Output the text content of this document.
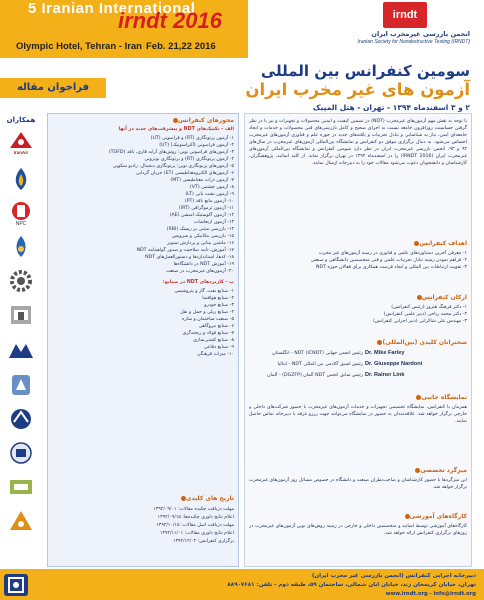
5 Iranian International
irndt 2016
Olympic Hotel, Tehran - Iran Feb. 21,22 2016
irndt
انجمن بازرسی غیرمخرب ایران
Iranian Society for Nondestructive Testing (IRNDT)
سومین کنفرانس بین المللی
آزمون های غیر مخرب ایران
۲ و ۳ اسفندماه ۱۳۹۴ - تهران - هتل المپیک
فراخوان مقاله
همکاران
IranAir
NPC
محورهای کنفرانس
الف - تکنیک‌های NDT و پیشرفت‌های جدید در آنها
۱- آزمون پرتونگاری (RT) و فراصوتی (UT)
۲- آزمون فراصوتی (آلتراسونیک) (UT)
۳- آزمون‌های فراصوتی نوین: روش‌های آرایه فازی، تافد (TOFD)
۴- آزمون پرتونگاری (RT) و پرتونگاری نوترونی
۵- آزمون‌های پرتونگاری نوین: پرتونگاری دیجیتال، رادیو سکوپی
۶- آزمون‌های الکترومغناطیسی (ET) جریان گردابی
۷- آزمون ذرات مغناطیسی (MT)
۸- آزمون چشمی (VT)
۹- آزمون نشت یابی (LT)
۱۰- آزمون مایع نافذ (PT)
۱۱- آزمون ترموگرافی (IRT)
۱۲- آزمون آکوستیک امیشن (AE)
۱۳- آزمون ارتعاشات
۱۴- بازرسی مبتنی بر ریسک (RBI)
۱۵- بازرسی مکانیکی و سرویس
۱۶- ماشین بینایی و پردازش تصویر
۱۷- آموزش، تأیید صلاحیت و صدور گواهینامه NDT
۱۸- کدها، استانداردها و دستورالعمل‌های NDT
۱۹- آموزش NDT در دانشگاه‌ها
۲۰- آزمون‌های غیرمخرب در صنعت
ب - کاربردهای NDT در صنایع:
۱- صنایع نفت، گاز و پتروشیمی
۲- صنایع هوافضا
۳- صنایع خودرو
۴- صنایع ریلی و حمل و نقل
۵- صنعت ساختمان و سازه
۶- صنایع نیروگاهی
۷- صنایع فولاد و ریخته‌گری
۸- صنایع کشتی‌سازی
۹- صنایع دفاعی
۱۰- میراث فرهنگی
تاریخ های کلیدی
مهلت دریافت چکیده مقالات: ۱۳۹۴/۰۹/۰۱
اعلام نتایج داوری چکیده‌ها: ۱۳۹۴/۰۹/۱۵
مهلت دریافت اصل مقالات: ۱۳۹۴/۱۰/۱۵
اعلام نتایج داوری مقالات: ۱۳۹۴/۱۱/۰۱
برگزاری کنفرانس: ۱۳۹۴/۱۲/۰۲
با توجه به نقش مهم آزمون‌های غیرمخرب (NDT) در تضمین کیفیت و ایمنی محصولات و تجهیزات و نیز با در نظر گرفتن حساسیت روزافزون جامعه نسبت به اجرای صحیح و کامل بازرسی‌های فنی محصولات و خدمات و ایجاد جامعه‌ای ایمن، نیاز به شناسایی و تبادل تجربیات و یافته‌های جدید در حوزه علم و فناوری آزمون‌های غیرمخرب احساس می‌شود. به دنبال برگزاری موفق دو کنفرانس و نمایشگاه بین‌المللی آزمون‌های غیرمخرب در سال‌های ۹۲ و ۹۳، انجمن بازرسی غیرمخرب ایران در نظر دارد سومین کنفرانس و نمایشگاه بین‌المللی آزمون‌های غیرمخرب ایران (IRNDT 2016) را در اسفندماه ۱۳۹۴ در تهران برگزار نماید. از کلیه اساتید، پژوهشگران، کارشناسان و دانشجویان دعوت می‌شود مقالات خود را به دبیرخانه ارسال نمایند.
اهداف کنفرانس
۱- معرفی آخرین دستاوردهای علمی و فناوری در زمینه آزمون‌های غیر مخرب
۲- فراهم نمودن زمینه تبادل تجربیات علمی و فنی متخصصین دانشگاهی و صنعتی
۳- تقویت ارتباطات بین المللی و ایجاد فرصت همکاری برای فعالان حوزه NDT
ارکان کنفرانس
۱- دکتر فرهنگ هنرور (رئیس کنفرانس)
۲- دکتر محمد ریاحی (دبیر علمی کنفرانس)
۳- مهندس علی شاکرانی (دبیر اجرایی کنفرانس)
سخنرانان کلیدی (بین‌المللی)
Dr. Mike Farley
رئیس انجمن جهانی NDT (ICNDT) - انگلستان
Dr. Giuseppe Nardoni
رئیس اسبق آکادمی بین المللی NDT - ایتالیا
Dr. Rainer Link
رئیس سابق انجمن NDT آلمان (DGZFP) - آلمان
نمایشگاه جانبی
همزمان با کنفرانس، نمایشگاه تخصصی تجهیزات و خدمات آزمون‌های غیرمخرب با حضور شرکت‌های داخلی و خارجی برگزار خواهد شد. علاقه‌مندان به حضور در نمایشگاه می‌توانند جهت رزرو غرفه با دبیرخانه تماس حاصل نمایند.
میزگرد تخصصی
این میزگردها با حضور کارشناسان و صاحب‌نظران صنعت و دانشگاه در خصوص مسائل روز آزمون‌های غیرمخرب برگزار خواهد شد.
کارگاه‌های آموزشی
کارگاه‌های آموزشی توسط اساتید و متخصصین داخلی و خارجی در زمینه روش‌های نوین آزمون‌های غیرمخرب در روزهای برگزاری کنفرانس ارائه خواهد شد.
دبیرخانه اجرایی کنفرانس (انجمن بازرسی غیر مخرب ایران)
تهران، خیابان کریمخان زند، خیابان آبان شمالی، ساختمان ۵۹، طبقه دوم - تلفن: ۸۸۹۰۷۶۸۱
www.irndt.org - info@irndt.org
